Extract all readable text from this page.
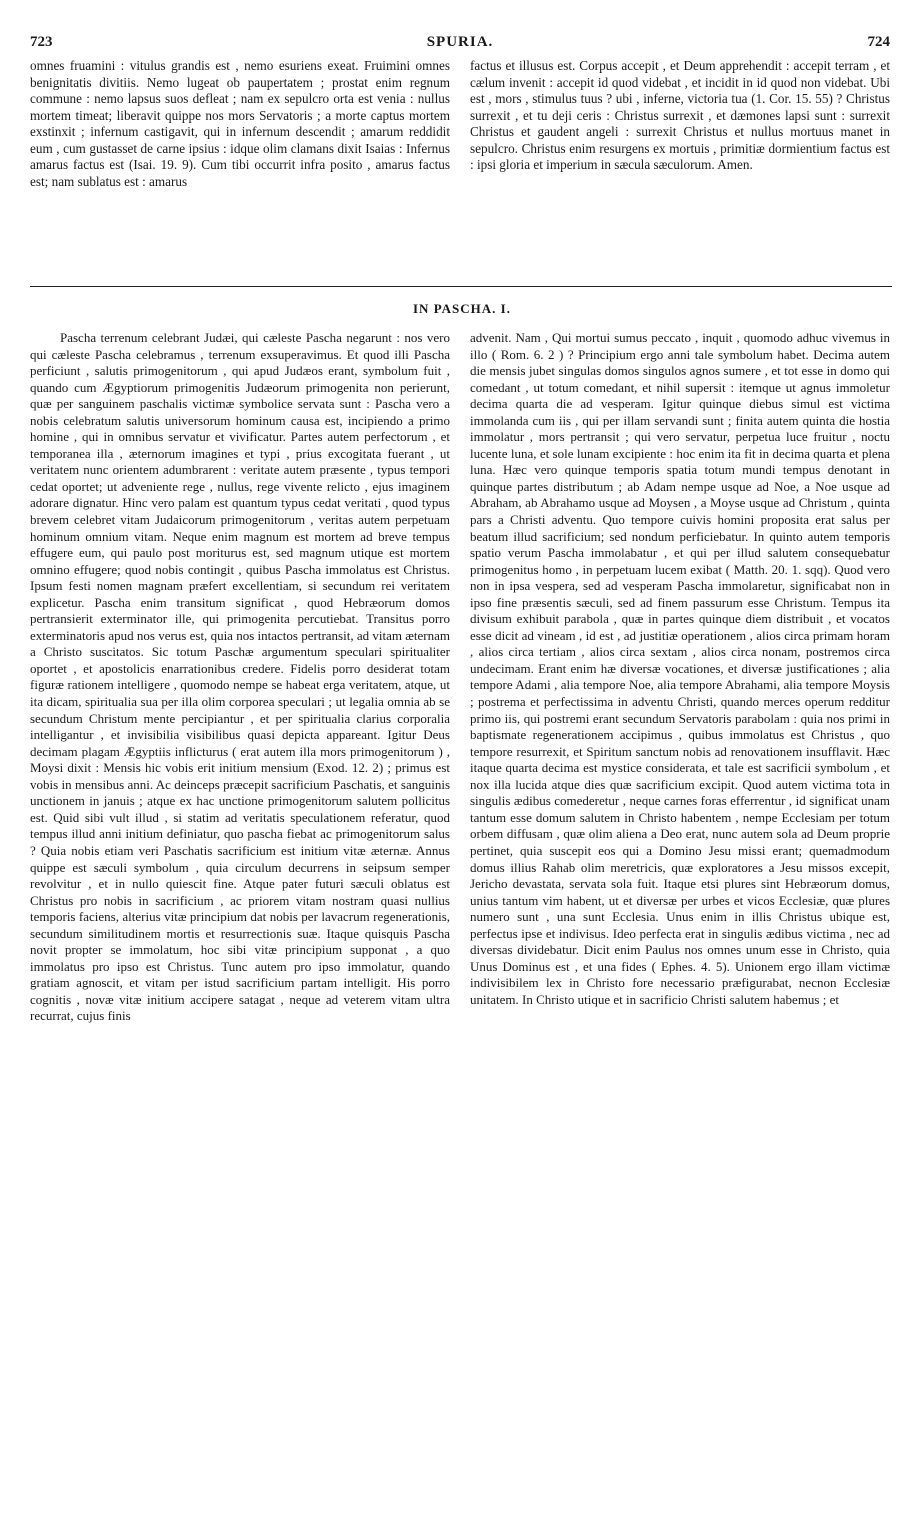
723	SPURIA.	724

omnes fruamini : vitulus grandis est , nemo esuriens exeat. Fruimini omnes benignitatis divitiis. Nemo lugeat ob paupertatem ; prostat enim regnum commune : nemo lapsus suos defleat ; nam ex sepulcro orta est venia : nullus mortem timeat; liberavit quippe nos mors Servatoris ; a morte captus mortem exstinxit ; infernum castigavit, qui in infernum descendit ; amarum reddidit eum , cum gustasset de carne ipsius : idque olim clamans dixit Isaias : Infernus amarus factus est (Isai. 19. 9). Cum tibi occurrit infra posito , amarus factus est; nam sublatus est : amarus

factus et illusus est. Corpus accepit , et Deum apprehendit : accepit terram , et cælum invenit : accepit id quod videbat , et incidit in id quod non videbat. Ubi est , mors , stimulus tuus ? ubi , inferne, victoria tua (1. Cor. 15. 55) ? Christus surrexit , et tu deji ceris : Christus surrexit , et dæmones lapsi sunt : surrexit Christus et gaudent angeli : surrexit Christus et nullus mortuus manet in sepulcro. Christus enim resurgens ex mortuis , primitiæ dormientium factus est : ipsi gloria et imperium in sæcula sæculorum. Amen.

IN PASCHA. I.

Pascha terrenum celebrant Judæi, qui cæleste Pascha negarunt : nos vero qui cæleste Pascha celebramus , terrenum exsuperavimus. Et quod illi Pascha perficiunt , salutis primogenitorum , qui apud Judæos erant, symbolum fuit , quando cum Ægyptiorum primogenitis Judæorum primogenita non perierunt, quæ per sanguinem paschalis victimæ symbolice servata sunt : Pascha vero a nobis celebratum salutis universorum hominum causa est, incipiendo a primo homine , qui in omnibus servatur et vivificatur. Partes autem perfectorum , et temporanea illa , æternorum imagines et typi , prius excogitata fuerant , ut veritatem nunc orientem adumbrarent : veritate autem præsente , typus tempori cedat oportet; ut adveniente rege , nullus, rege vivente relicto , ejus imaginem adorare dignatur. Hinc vero palam est quantum typus cedat veritati , quod typus brevem celebret vitam Judaicorum primogenitorum , veritas autem perpetuam hominum omnium vitam. Neque enim magnum est mortem ad breve tempus effugere eum, qui paulo post moriturus est, sed magnum utique est mortem omnino effugere; quod nobis contingit , quibus Pascha immolatus est Christus. Ipsum festi nomen magnam præfert excellentiam, si secundum rei veritatem explicetur. Pascha enim transitum significat , quod Hebræorum domos pertransierit exterminator ille, qui primogenita percutiebat. Transitus porro exterminatoris apud nos verus est, quia nos intactos pertransit, ad vitam æternam a Christo suscitatos. Sic totum Paschæ argumentum speculari spiritualiter oportet , et apostolicis enarrationibus credere. Fidelis porro desiderat totam figuræ rationem intelligere , quomodo nempe se habeat erga veritatem, atque, ut ita dicam, spiritualia sua per illa olim corporea speculari ; ut legalia omnia ab se secundum Christum mente percipiantur , et per spiritualia clarius corporalia intelligantur , et invisibilia visibilibus quasi depicta appareant. Igitur Deus decimam plagam Ægyptiis inflicturus ( erat autem illa mors primogenitorum ) , Moysi dixit : Mensis hic vobis erit initium mensium (Exod. 12. 2) ; primus est vobis in mensibus anni. Ac deinceps præcepit sacrificium Paschatis, et sanguinis unctionem in januis ; atque ex hac unctione primogenitorum salutem pollicitus est. Quid sibi vult illud , si statim ad veritatis speculationem referatur, quod tempus illud anni initium definiatur, quo pascha fiebat ac primogenitorum salus ? Quia nobis etiam veri Paschatis sacrificium est initium vitæ æternæ. Annus quippe est sæculi symbolum , quia circulum decurrens in seipsum semper revolvitur , et in nullo quiescit fine. Atque pater futuri sæculi oblatus est Christus pro nobis in sacrificium , ac priorem vitam nostram quasi nullius temporis faciens, alterius vitæ principium dat nobis per lavacrum regenerationis, secundum similitudinem mortis et resurrectionis suæ. Itaque quisquis Pascha novit propter se immolatum, hoc sibi vitæ principium supponat , a quo immolatus pro ipso est Christus. Tunc autem pro ipso immolatur, quando gratiam agnoscit, et vitam per istud sacrificium partam intelligit. His porro cognitis , novæ vitæ initium accipere satagat , neque ad veterem vitam ultra recurrat, cujus finis

advenit. Nam , Qui mortui sumus peccato , inquit , quomodo adhuc vivemus in illo ( Rom. 6. 2 ) ? Principium ergo anni tale symbolum habet. Decima autem die mensis jubet singulas domos singulos agnos sumere , et tot esse in domo qui comedant , ut totum comedant, et nihil supersit : itemque ut agnus immoletur decima quarta die ad vesperam. Igitur quinque diebus simul est victima immolanda cum iis , qui per illam servandi sunt ; finita autem quinta die hostia immolatur , mors pertransit ; qui vero servatur, perpetua luce fruitur , noctu lucente luna, et sole lunam excipiente : hoc enim ita fit in decima quarta et plena luna. Hæc vero quinque temporis spatia totum mundi tempus denotant in quinque partes distributum ; ab Adam nempe usque ad Noe, a Noe usque ad Abraham, ab Abrahamo usque ad Moysen , a Moyse usque ad Christum , quinta pars a Christi adventu. Quo tempore cuivis homini proposita erat salus per beatum illud sacrificium; sed nondum perficiebatur. In quinto autem temporis spatio verum Pascha immolabatur , et qui per illud salutem consequebatur primogenitus homo , in perpetuam lucem exibat ( Matth. 20. 1. sqq). Quod vero non in ipsa vespera, sed ad vesperam Pascha immolaretur, significabat non in ipso fine præsentis sæculi, sed ad finem passurum esse Christum. Tempus ita divisum exhibuit parabola , quæ in partes quinque diem distribuit , et vocatos esse dicit ad vineam , id est , ad justitiæ operationem , alios circa primam horam , alios circa tertiam , alios circa sextam , alios circa nonam, postremos circa undecimam. Erant enim hæ diversæ vocationes, et diversæ justificationes ; alia tempore Adami , alia tempore Noe, alia tempore Abrahami, alia tempore Moysis ; postrema et perfectissima in adventu Christi, quando merces operum redditur primo iis, qui postremi erant secundum Servatoris parabolam : quia nos primi in baptismate regenerationem accipimus , quibus immolatus est Christus , quo tempore resurrexit, et Spiritum sanctum nobis ad renovationem insufflavit. Hæc itaque quarta decima est mystice considerata, et tale est sacrificii symbolum , et nox illa lucida atque dies quæ sacrificium excipit. Quod autem victima tota in singulis ædibus comederetur , neque carnes foras efferrentur , id significat unam tantum esse domum salutem in Christo habentem , nempe Ecclesiam per totum orbem diffusam , quæ olim aliena a Deo erat, nunc autem sola ad Deum proprie pertinet, quia suscepit eos qui a Domino Jesu missi erant; quemadmodum domus illius Rahab olim meretricis, quæ exploratores a Jesu missos excepit, Jericho devastata, servata sola fuit. Itaque etsi plures sint Hebræorum domus, unius tantum vim habent, ut et diversæ per urbes et vicos Ecclesiæ, quæ plures numero sunt , una sunt Ecclesia. Unus enim in illis Christus ubique est, perfectus ipse et indivisus. Ideo perfecta erat in singulis ædibus victima , nec ad diversas dividebatur. Dicit enim Paulus nos omnes unum esse in Christo, quia Unus Dominus est , et una fides ( Ephes. 4. 5). Unionem ergo illam victimæ indivisibilem lex in Christo fore necessario præfigurabat, necnon Ecclesiæ unitatem. In Christo utique et in sacrificio Christi salutem habemus ; et
